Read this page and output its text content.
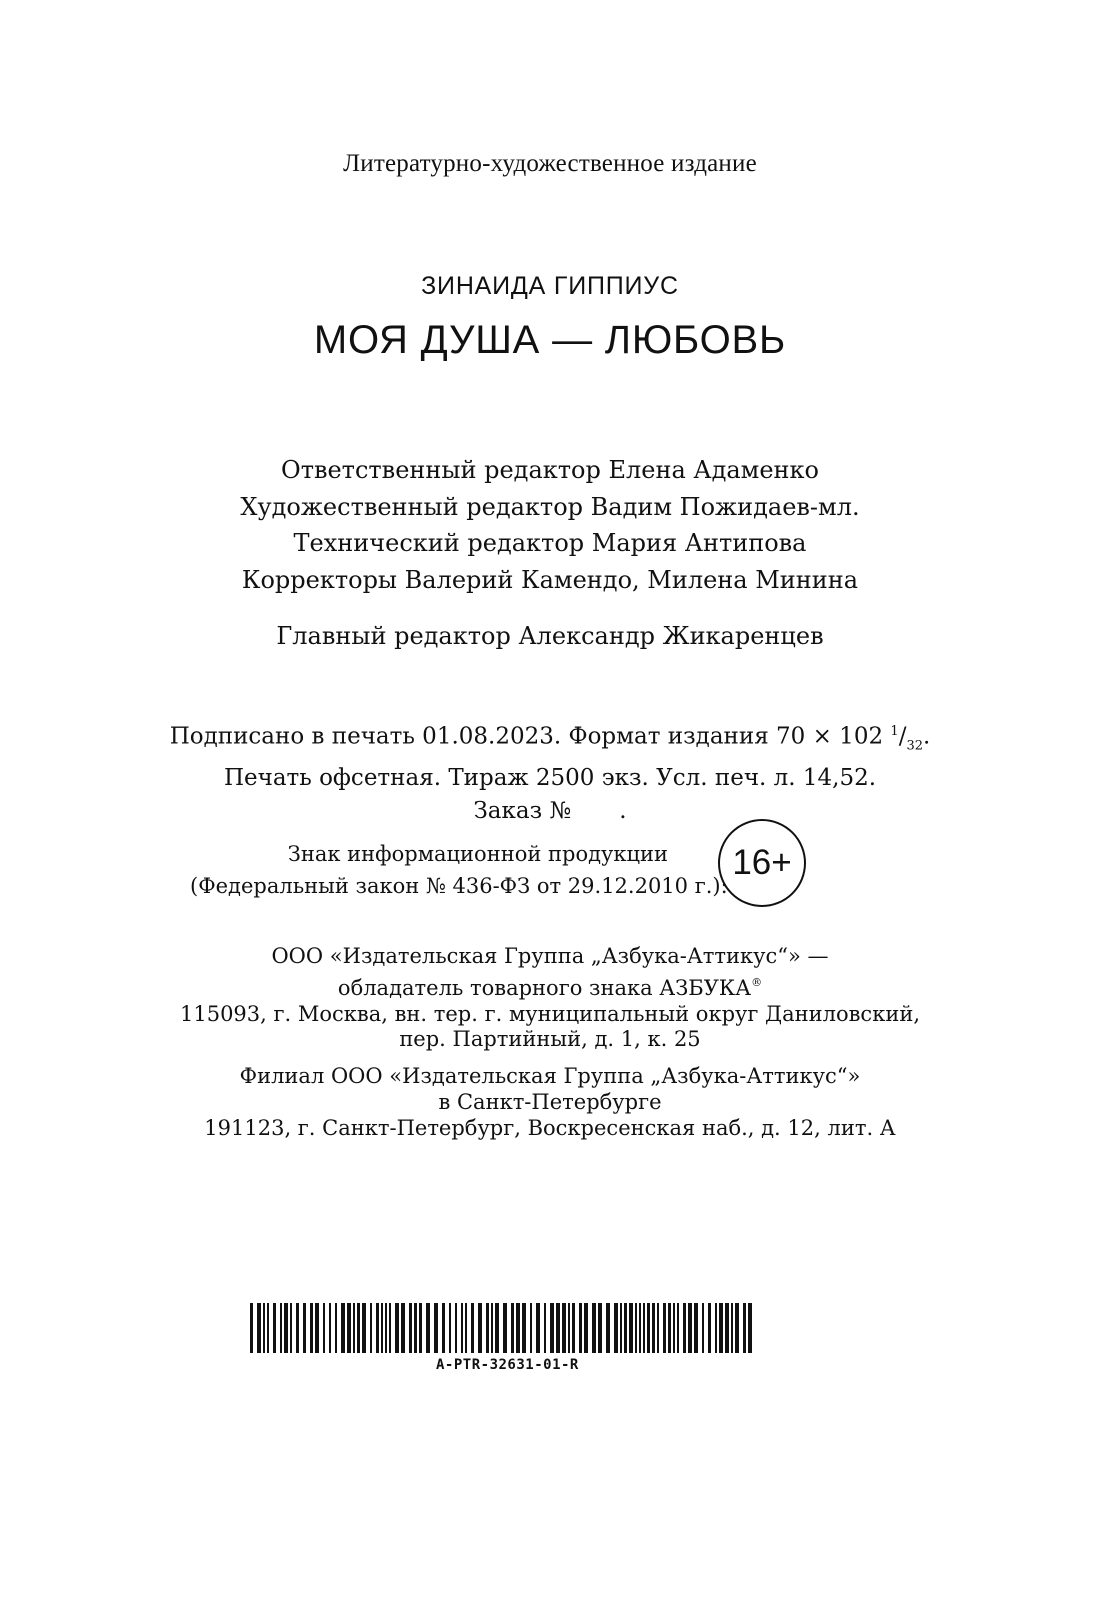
Литературно-художественное издание
ЗИНАИДА ГИППИУС
МОЯ ДУША — ЛЮБОВЬ
Ответственный редактор Елена Адаменко
Художественный редактор Вадим Пожидаев-мл.
Технический редактор Мария Антипова
Корректоры Валерий Камендо, Милена Минина
Главный редактор Александр Жикаренцев
Подписано в печать 01.08.2023. Формат издания 70 × 102 $^1/_{32}$.
Печать офсетная. Тираж 2500 экз. Усл. печ. л. 14,52.
Заказ № .
Знак информационной продукции
(Федеральный закон № 436-ФЗ от 29.12.2010 г.):
16+
ООО «Издательская Группа „Азбука-Аттикус“» —
обладатель товарного знака АЗБУКА®
115093, г. Москва, вн. тер. г. муниципальный округ Даниловский,
пер. Партийный, д. 1, к. 25
Филиал ООО «Издательская Группа „Азбука-Аттикус“»
в Санкт-Петербурге
191123, г. Санкт-Петербург, Воскресенская наб., д. 12, лит. А
A-PTR-32631-01-R
